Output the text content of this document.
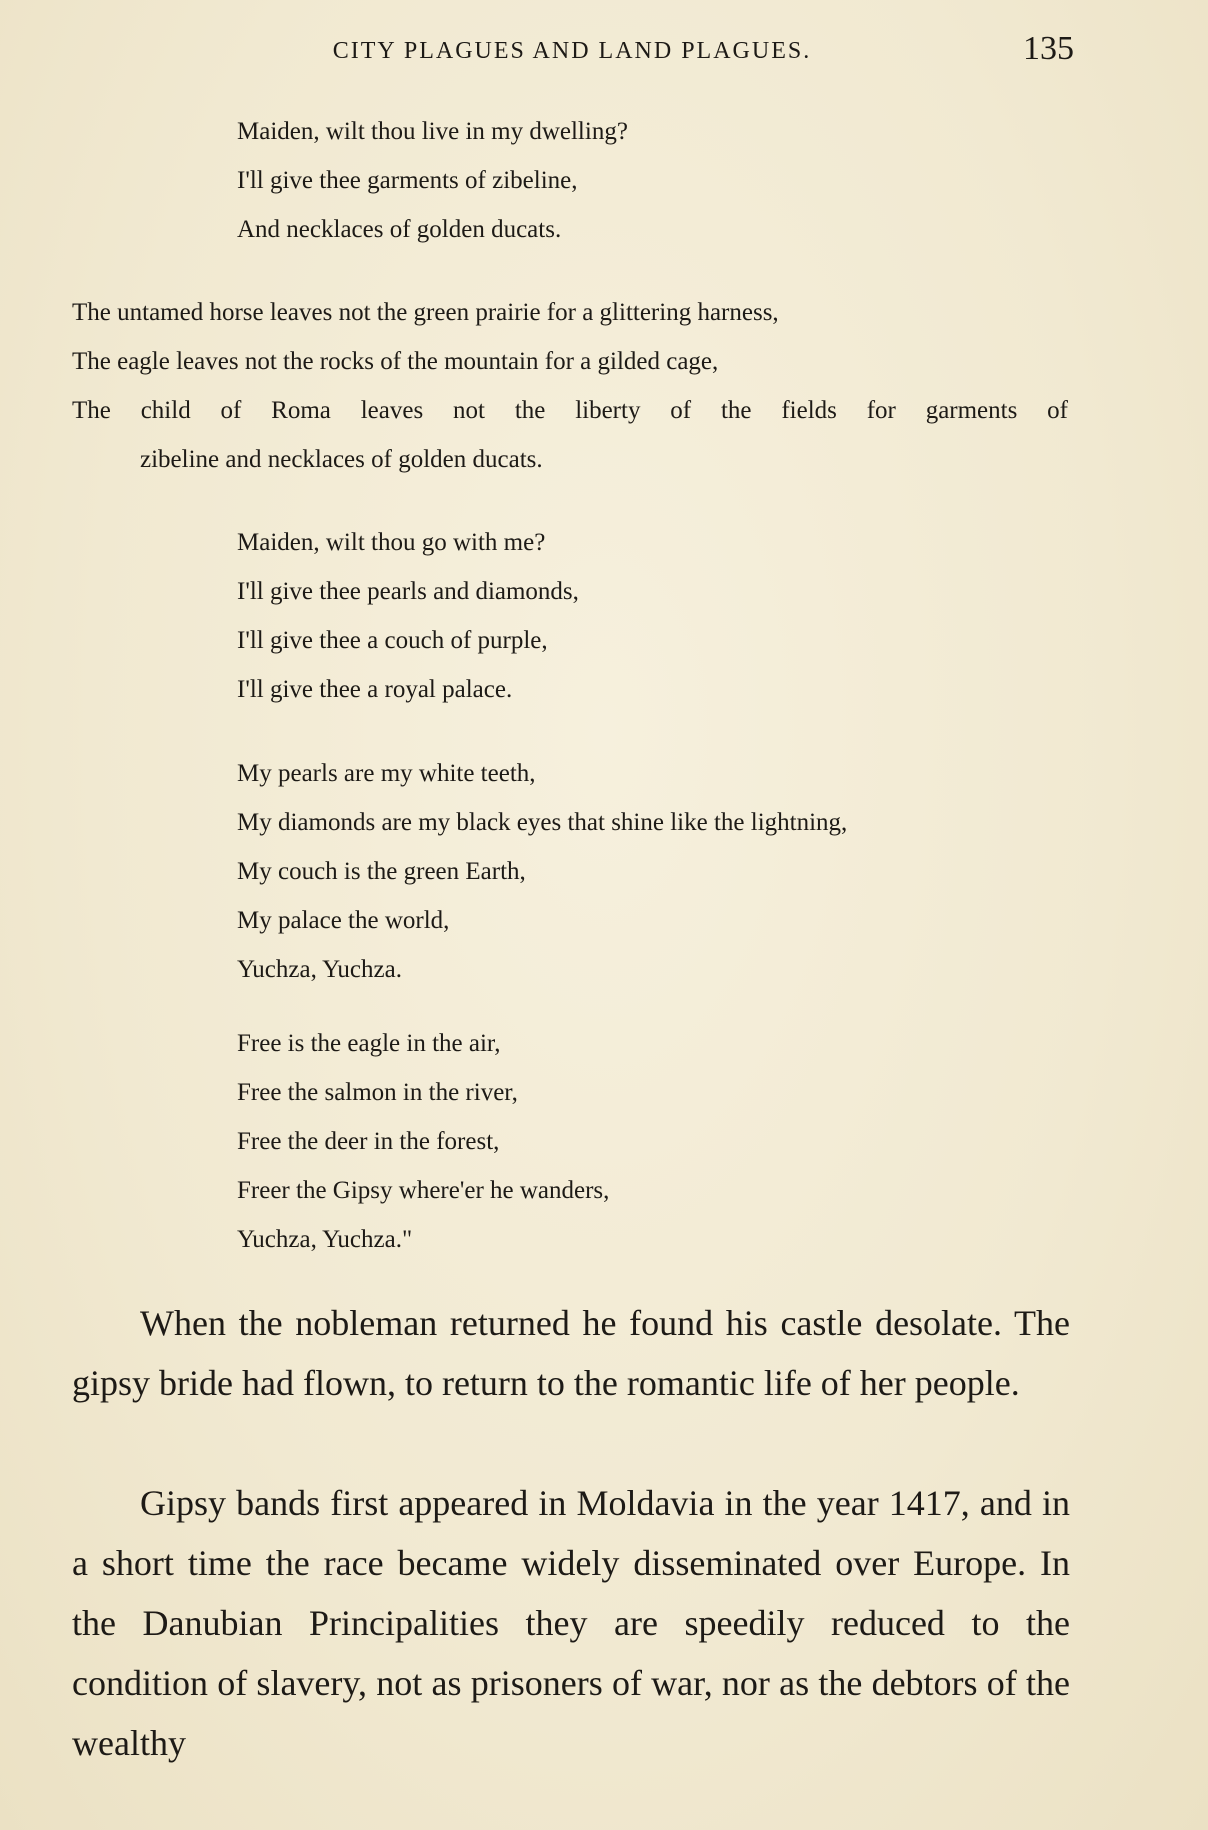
CITY PLAGUES AND LAND PLAGUES.	135

Maiden, wilt thou live in my dwelling?

I'll give thee garments of zibeline,

And necklaces of golden ducats.

The untamed horse leaves not the green prairie for a glittering harness,

The eagle leaves not the rocks of the mountain for a gilded cage,

The child of Roma leaves not the liberty of the fields for garments of

zibeline and necklaces of golden ducats.

Maiden, wilt thou go with me?

I'll give thee pearls and diamonds,

I'll give thee a couch of purple,

I'll give thee a royal palace.

My pearls are my white teeth,

My diamonds are my black eyes that shine like the lightning,

My couch is the green Earth,

My palace the world,

Yuchza, Yuchza.

Free is the eagle in the air,

Free the salmon in the river,

Free the deer in the forest,

Freer the Gipsy where'er he wanders,

Yuchza, Yuchza."

When the nobleman returned he found his castle desolate. The gipsy bride had flown, to return to the romantic life of her people.

Gipsy bands first appeared in Moldavia in the year 1417, and in a short time the race became widely disseminated over Europe. In the Danubian Principalities they are speedily reduced to the condition of slavery, not as prisoners of war, nor as the debtors of the wealthy
